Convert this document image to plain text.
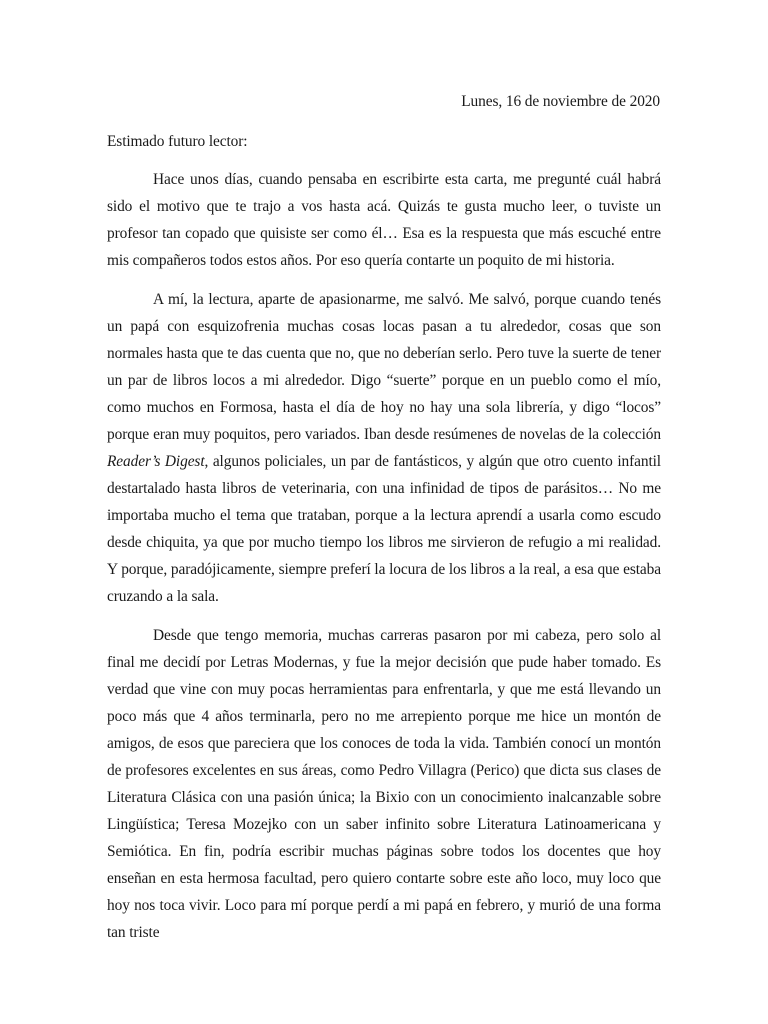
Lunes, 16 de noviembre de 2020
Estimado futuro lector:

Hace unos días, cuando pensaba en escribirte esta carta, me pregunté cuál habrá sido el motivo que te trajo a vos hasta acá. Quizás te gusta mucho leer, o tuviste un profesor tan copado que quisiste ser como él… Esa es la respuesta que más escuché entre mis compañeros todos estos años. Por eso quería contarte un poquito de mi historia.

A mí, la lectura, aparte de apasionarme, me salvó. Me salvó, porque cuando tenés un papá con esquizofrenia muchas cosas locas pasan a tu alrededor, cosas que son normales hasta que te das cuenta que no, que no deberían serlo. Pero tuve la suerte de tener un par de libros locos a mi alrededor. Digo “suerte” porque en un pueblo como el mío, como muchos en Formosa, hasta el día de hoy no hay una sola librería, y digo “locos” porque eran muy poquitos, pero variados. Iban desde resúmenes de novelas de la colección Reader’s Digest, algunos policiales, un par de fantásticos, y algún que otro cuento infantil destartalado hasta libros de veterinaria, con una infinidad de tipos de parásitos… No me importaba mucho el tema que trataban, porque a la lectura aprendí a usarla como escudo desde chiquita, ya que por mucho tiempo los libros me sirvieron de refugio a mi realidad. Y porque, paradójicamente, siempre preferí la locura de los libros a la real, a esa que estaba cruzando a la sala.

Desde que tengo memoria, muchas carreras pasaron por mi cabeza, pero solo al final me decidí por Letras Modernas, y fue la mejor decisión que pude haber tomado. Es verdad que vine con muy pocas herramientas para enfrentarla, y que me está llevando un poco más que 4 años terminarla, pero no me arrepiento porque me hice un montón de amigos, de esos que pareciera que los conoces de toda la vida. También conocí un montón de profesores excelentes en sus áreas, como Pedro Villagra (Perico) que dicta sus clases de Literatura Clásica con una pasión única; la Bixio con un conocimiento inalcanzable sobre Lingüística; Teresa Mozejko con un saber infinito sobre Literatura Latinoamericana y Semiótica. En fin, podría escribir muchas páginas sobre todos los docentes que hoy enseñan en esta hermosa facultad, pero quiero contarte sobre este año loco, muy loco que hoy nos toca vivir. Loco para mí porque perdí a mi papá en febrero, y murió de una forma tan triste
